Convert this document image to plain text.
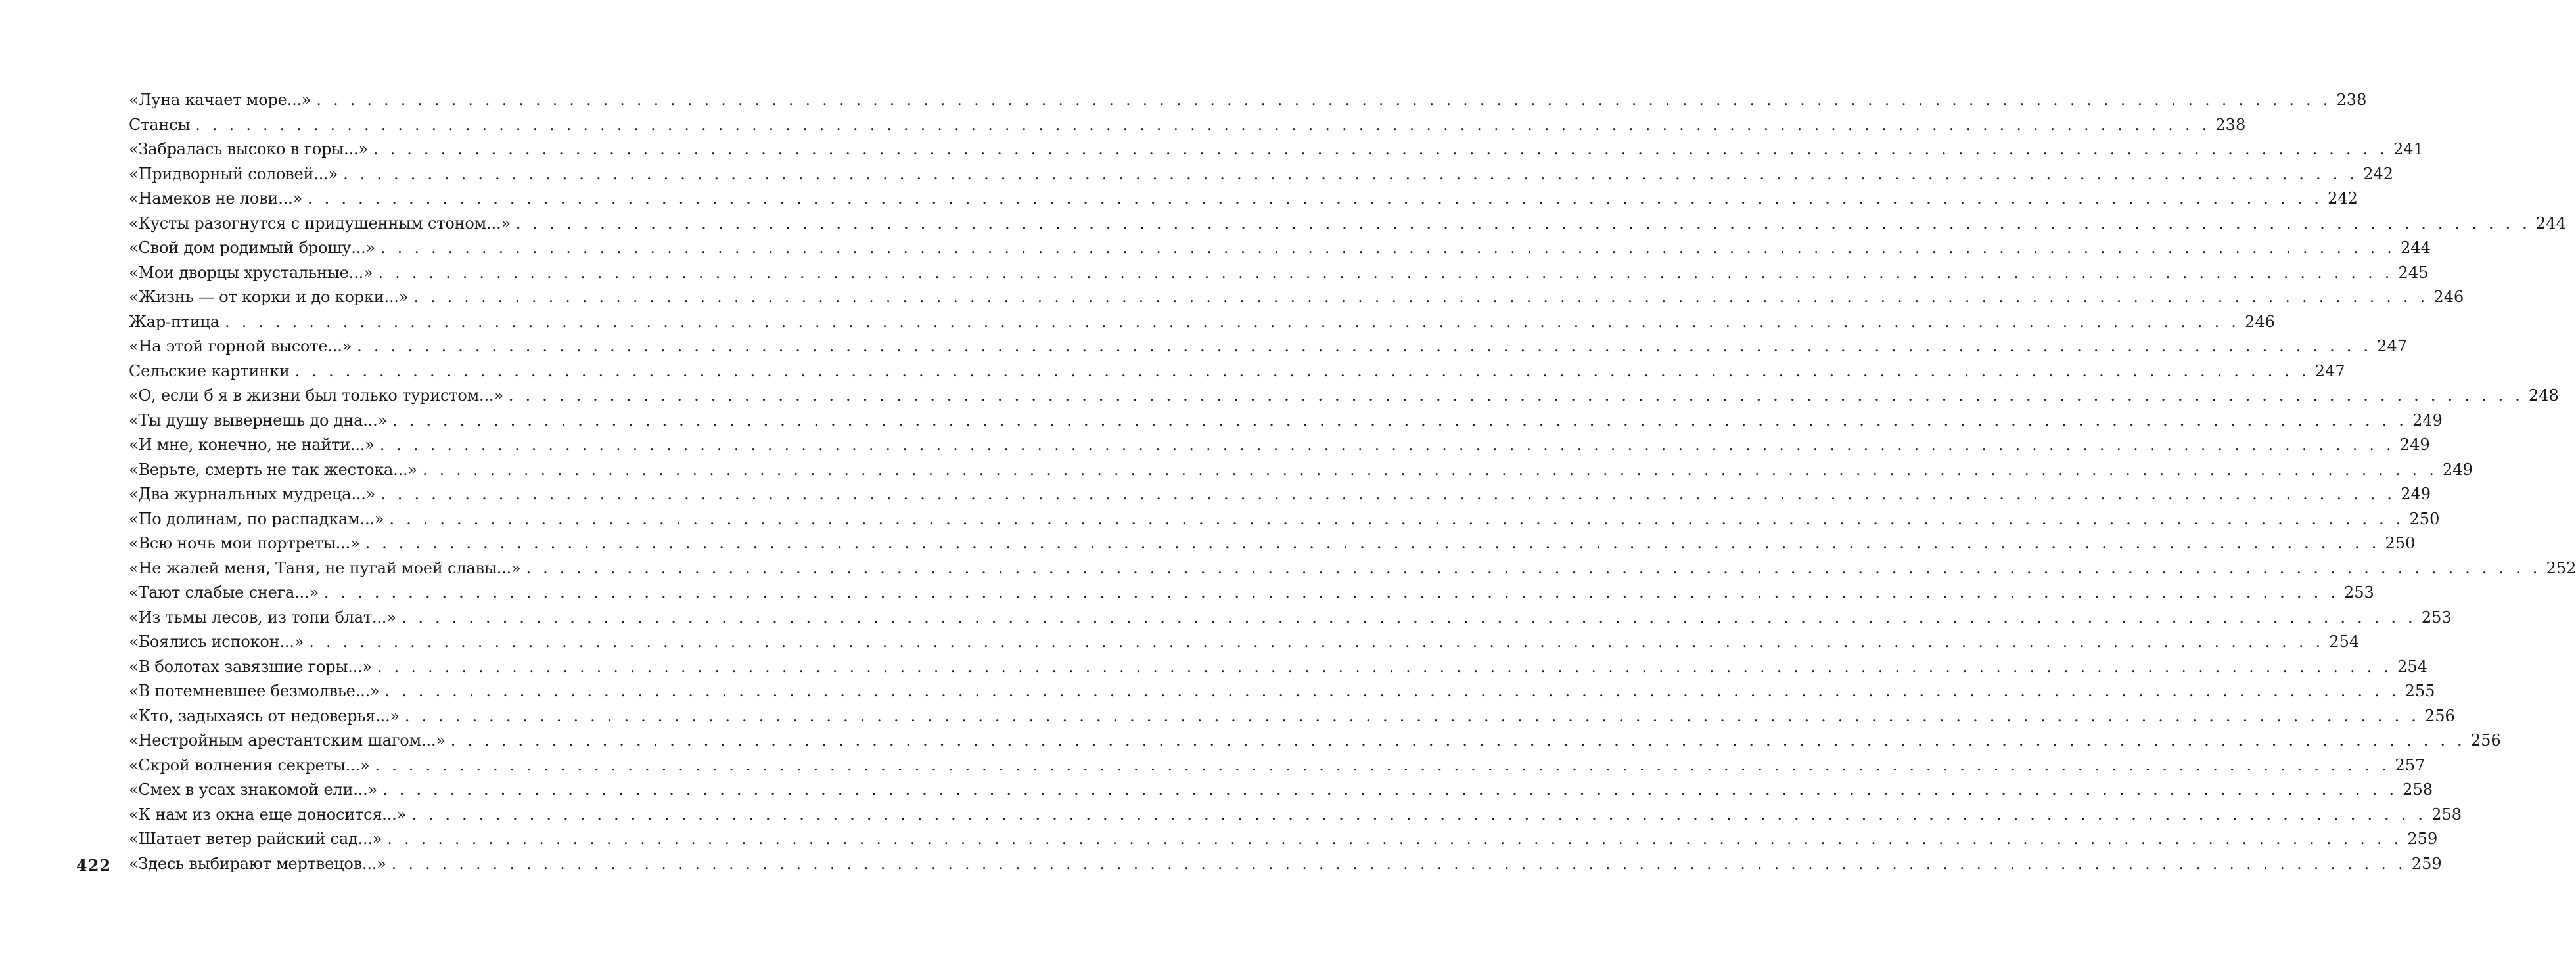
«Луна качает море...» . . . . . . . . . . . . . . . . . . . . . . . . . . . . . . . . . . . . . . . . . . . . . . . . . . . . . . . . . . . . . . . . . . . . . . . . . . . . . . . . . . . . . . . . . . . . . . . . . . . . . . . . . . . . . . . . . . . . . . . . 238
Стансы . . . . . . . . . . . . . . . . . . . . . . . . . . . . . . . . . . . . . . . . . . . . . . . . . . . . . . . . . . . . . . . . . . . . . . . . . . . . . . . . . . . . . . . . . . . . . . . . . . . . . . . . . . . . . . . . . . . . . . . . 238
«Забралась высоко в горы...» . . . . . . . . . . . . . . . . . . . . . . . . . . . . . . . . . . . . . . . . . . . . . . . . . . . . . . . . . . . . . . . . . . . . . . . . . . . . . . . . . . . . . . . . . . . . . . . . . . . . . . . . . . . . . . . . . . . . . . . . 241
«Придворный соловей...» . . . . . . . . . . . . . . . . . . . . . . . . . . . . . . . . . . . . . . . . . . . . . . . . . . . . . . . . . . . . . . . . . . . . . . . . . . . . . . . . . . . . . . . . . . . . . . . . . . . . . . . . . . . . . . . . . . . . . . . . 242
«Намеков не лови...» . . . . . . . . . . . . . . . . . . . . . . . . . . . . . . . . . . . . . . . . . . . . . . . . . . . . . . . . . . . . . . . . . . . . . . . . . . . . . . . . . . . . . . . . . . . . . . . . . . . . . . . . . . . . . . . . . . . . . . . . 242
«Кусты разогнутся с придушенным стоном...» . . . . . . . . . . . . . . . . . . . . . . . . . . . . . . . . . . . . . . . . . . . . . . . . . . . . . . . . . . . . . . . . . . . . . . . . . . . . . . . . . . . . . . . . . . . . . . . . . . . . . . . . . . . . . . . . . . . . . . . . 244
«Свой дом родимый брошу...» . . . . . . . . . . . . . . . . . . . . . . . . . . . . . . . . . . . . . . . . . . . . . . . . . . . . . . . . . . . . . . . . . . . . . . . . . . . . . . . . . . . . . . . . . . . . . . . . . . . . . . . . . . . . . . . . . . . . . . . . 244
«Мои дворцы хрустальные...» . . . . . . . . . . . . . . . . . . . . . . . . . . . . . . . . . . . . . . . . . . . . . . . . . . . . . . . . . . . . . . . . . . . . . . . . . . . . . . . . . . . . . . . . . . . . . . . . . . . . . . . . . . . . . . . . . . . . . . . . 245
«Жизнь — от корки и до корки...» . . . . . . . . . . . . . . . . . . . . . . . . . . . . . . . . . . . . . . . . . . . . . . . . . . . . . . . . . . . . . . . . . . . . . . . . . . . . . . . . . . . . . . . . . . . . . . . . . . . . . . . . . . . . . . . . . . . . . . . . 246
Жар-птица . . . . . . . . . . . . . . . . . . . . . . . . . . . . . . . . . . . . . . . . . . . . . . . . . . . . . . . . . . . . . . . . . . . . . . . . . . . . . . . . . . . . . . . . . . . . . . . . . . . . . . . . . . . . . . . . . . . . . . . . 246
«На этой горной высоте...» . . . . . . . . . . . . . . . . . . . . . . . . . . . . . . . . . . . . . . . . . . . . . . . . . . . . . . . . . . . . . . . . . . . . . . . . . . . . . . . . . . . . . . . . . . . . . . . . . . . . . . . . . . . . . . . . . . . . . . . . 247
Сельские картинки . . . . . . . . . . . . . . . . . . . . . . . . . . . . . . . . . . . . . . . . . . . . . . . . . . . . . . . . . . . . . . . . . . . . . . . . . . . . . . . . . . . . . . . . . . . . . . . . . . . . . . . . . . . . . . . . . . . . . . . . 247
«О, если б я в жизни был только туристом...» . . . . . . . . . . . . . . . . . . . . . . . . . . . . . . . . . . . . . . . . . . . . . . . . . . . . . . . . . . . . . . . . . . . . . . . . . . . . . . . . . . . . . . . . . . . . . . . . . . . . . . . . . . . . . . . . . . . . . . . . 248
«Ты душу вывернешь до дна...» . . . . . . . . . . . . . . . . . . . . . . . . . . . . . . . . . . . . . . . . . . . . . . . . . . . . . . . . . . . . . . . . . . . . . . . . . . . . . . . . . . . . . . . . . . . . . . . . . . . . . . . . . . . . . . . . . . . . . . . . 249
«И мне, конечно, не найти...» . . . . . . . . . . . . . . . . . . . . . . . . . . . . . . . . . . . . . . . . . . . . . . . . . . . . . . . . . . . . . . . . . . . . . . . . . . . . . . . . . . . . . . . . . . . . . . . . . . . . . . . . . . . . . . . . . . . . . . . . 249
«Верьте, смерть не так жестока...» . . . . . . . . . . . . . . . . . . . . . . . . . . . . . . . . . . . . . . . . . . . . . . . . . . . . . . . . . . . . . . . . . . . . . . . . . . . . . . . . . . . . . . . . . . . . . . . . . . . . . . . . . . . . . . . . . . . . . . . . 249
«Два журнальных мудреца...» . . . . . . . . . . . . . . . . . . . . . . . . . . . . . . . . . . . . . . . . . . . . . . . . . . . . . . . . . . . . . . . . . . . . . . . . . . . . . . . . . . . . . . . . . . . . . . . . . . . . . . . . . . . . . . . . . . . . . . . . 249
«По долинам, по распадкам...» . . . . . . . . . . . . . . . . . . . . . . . . . . . . . . . . . . . . . . . . . . . . . . . . . . . . . . . . . . . . . . . . . . . . . . . . . . . . . . . . . . . . . . . . . . . . . . . . . . . . . . . . . . . . . . . . . . . . . . . . 250
«Всю ночь мои портреты...» . . . . . . . . . . . . . . . . . . . . . . . . . . . . . . . . . . . . . . . . . . . . . . . . . . . . . . . . . . . . . . . . . . . . . . . . . . . . . . . . . . . . . . . . . . . . . . . . . . . . . . . . . . . . . . . . . . . . . . . . 250
«Не жалей меня, Таня, не пугай моей славы...» . . . . . . . . . . . . . . . . . . . . . . . . . . . . . . . . . . . . . . . . . . . . . . . . . . . . . . . . . . . . . . . . . . . . . . . . . . . . . . . . . . . . . . . . . . . . . . . . . . . . . . . . . . . . . . . . . . . . . . . . 252
«Тают слабые снега...» . . . . . . . . . . . . . . . . . . . . . . . . . . . . . . . . . . . . . . . . . . . . . . . . . . . . . . . . . . . . . . . . . . . . . . . . . . . . . . . . . . . . . . . . . . . . . . . . . . . . . . . . . . . . . . . . . . . . . . . . 253
«Из тьмы лесов, из топи блат...» . . . . . . . . . . . . . . . . . . . . . . . . . . . . . . . . . . . . . . . . . . . . . . . . . . . . . . . . . . . . . . . . . . . . . . . . . . . . . . . . . . . . . . . . . . . . . . . . . . . . . . . . . . . . . . . . . . . . . . . . 253
«Боялись испокон...» . . . . . . . . . . . . . . . . . . . . . . . . . . . . . . . . . . . . . . . . . . . . . . . . . . . . . . . . . . . . . . . . . . . . . . . . . . . . . . . . . . . . . . . . . . . . . . . . . . . . . . . . . . . . . . . . . . . . . . . . 254
«В болотах завязшие горы...» . . . . . . . . . . . . . . . . . . . . . . . . . . . . . . . . . . . . . . . . . . . . . . . . . . . . . . . . . . . . . . . . . . . . . . . . . . . . . . . . . . . . . . . . . . . . . . . . . . . . . . . . . . . . . . . . . . . . . . . . 254
«В потемневшее безмолвье...» . . . . . . . . . . . . . . . . . . . . . . . . . . . . . . . . . . . . . . . . . . . . . . . . . . . . . . . . . . . . . . . . . . . . . . . . . . . . . . . . . . . . . . . . . . . . . . . . . . . . . . . . . . . . . . . . . . . . . . . . 255
«Кто, задыхаясь от недоверья...» . . . . . . . . . . . . . . . . . . . . . . . . . . . . . . . . . . . . . . . . . . . . . . . . . . . . . . . . . . . . . . . . . . . . . . . . . . . . . . . . . . . . . . . . . . . . . . . . . . . . . . . . . . . . . . . . . . . . . . . . 256
«Нестройным арестантским шагом...» . . . . . . . . . . . . . . . . . . . . . . . . . . . . . . . . . . . . . . . . . . . . . . . . . . . . . . . . . . . . . . . . . . . . . . . . . . . . . . . . . . . . . . . . . . . . . . . . . . . . . . . . . . . . . . . . . . . . . . . . 256
«Скрой волнения секреты...» . . . . . . . . . . . . . . . . . . . . . . . . . . . . . . . . . . . . . . . . . . . . . . . . . . . . . . . . . . . . . . . . . . . . . . . . . . . . . . . . . . . . . . . . . . . . . . . . . . . . . . . . . . . . . . . . . . . . . . . . 257
«Смех в усах знакомой ели...» . . . . . . . . . . . . . . . . . . . . . . . . . . . . . . . . . . . . . . . . . . . . . . . . . . . . . . . . . . . . . . . . . . . . . . . . . . . . . . . . . . . . . . . . . . . . . . . . . . . . . . . . . . . . . . . . . . . . . . . . 258
«К нам из окна еще доносится...» . . . . . . . . . . . . . . . . . . . . . . . . . . . . . . . . . . . . . . . . . . . . . . . . . . . . . . . . . . . . . . . . . . . . . . . . . . . . . . . . . . . . . . . . . . . . . . . . . . . . . . . . . . . . . . . . . . . . . . . . 258
«Шатает ветер райский сад...» . . . . . . . . . . . . . . . . . . . . . . . . . . . . . . . . . . . . . . . . . . . . . . . . . . . . . . . . . . . . . . . . . . . . . . . . . . . . . . . . . . . . . . . . . . . . . . . . . . . . . . . . . . . . . . . . . . . . . . . . 259
«Здесь выбирают мертвецов...» . . . . . . . . . . . . . . . . . . . . . . . . . . . . . . . . . . . . . . . . . . . . . . . . . . . . . . . . . . . . . . . . . . . . . . . . . . . . . . . . . . . . . . . . . . . . . . . . . . . . . . . . . . . . . . . . . . . . . . . . 259
422
